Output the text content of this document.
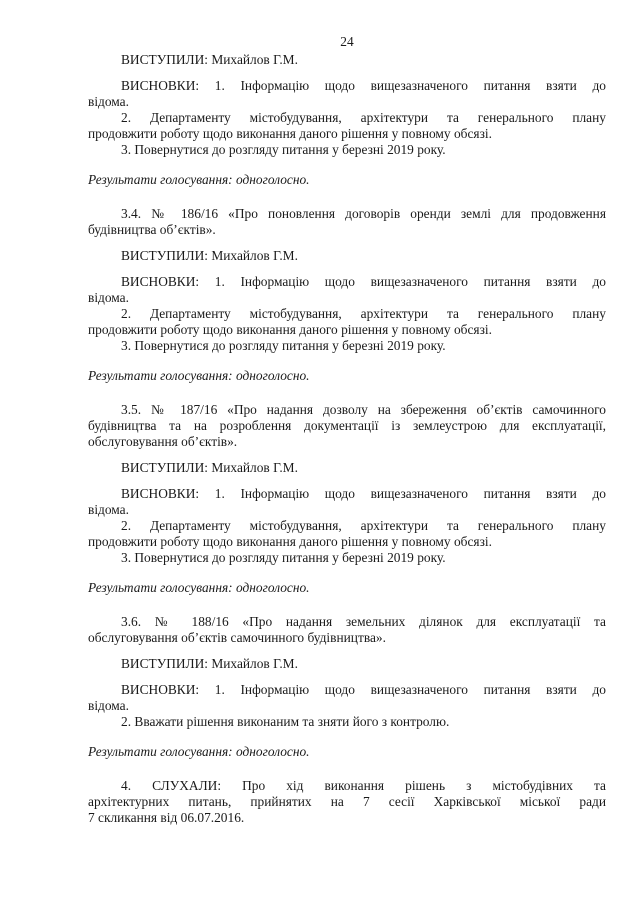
24

ВИСТУПИЛИ: Михайлов Г.М.

ВИСНОВКИ: 1. Інформацію щодо вищезазначеного питання взяти до

відома.

2. Департаменту містобудування, архітектури та генерального плану

продовжити роботу щодо виконання даного рішення у повному обсязі.

3. Повернутися до розгляду питання у березні 2019 року.

Результати голосування: одноголосно.

3.4. № 186/16 «Про поновлення договорів оренди землі для продовження

будівництва об’єктів».

ВИСТУПИЛИ: Михайлов Г.М.

ВИСНОВКИ: 1. Інформацію щодо вищезазначеного питання взяти до

відома.

2. Департаменту містобудування, архітектури та генерального плану

продовжити роботу щодо виконання даного рішення у повному обсязі.

3. Повернутися до розгляду питання у березні 2019 року.

Результати голосування: одноголосно.

3.5. № 187/16 «Про надання дозволу на збереження об’єктів самочинного

будівництва та на розроблення документації із землеустрою для експлуатації,

обслуговування об’єктів».

ВИСТУПИЛИ: Михайлов Г.М.

ВИСНОВКИ: 1. Інформацію щодо вищезазначеного питання взяти до

відома.

2. Департаменту містобудування, архітектури та генерального плану

продовжити роботу щодо виконання даного рішення у повному обсязі.

3. Повернутися до розгляду питання у березні 2019 року.

Результати голосування: одноголосно.

3.6. № 188/16 «Про надання земельних ділянок для експлуатації та

обслуговування об’єктів самочинного будівництва».

ВИСТУПИЛИ: Михайлов Г.М.

ВИСНОВКИ: 1. Інформацію щодо вищезазначеного питання взяти до

відома.

2. Вважати рішення виконаним та зняти його з контролю.

Результати голосування: одноголосно.

4. СЛУХАЛИ: Про хід виконання рішень з містобудівних та

архітектурних питань, прийнятих на 7 сесії Харківської міської ради

7 скликання від 06.07.2016.
